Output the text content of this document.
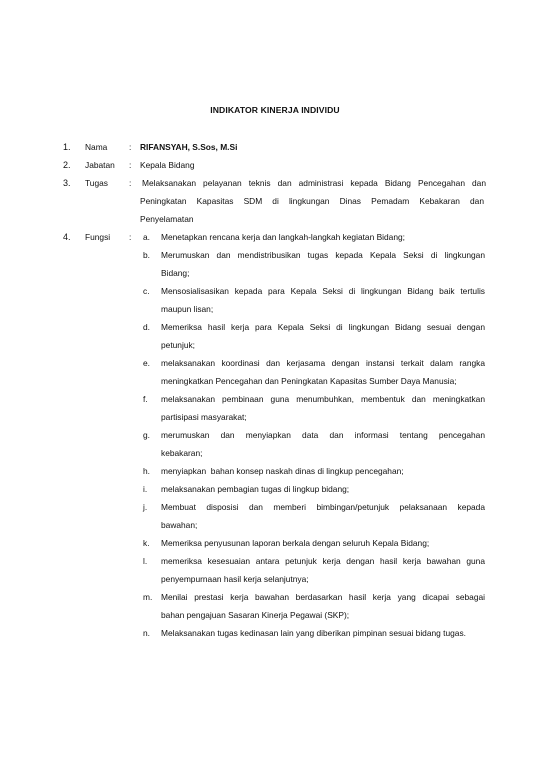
INDIKATOR KINERJA INDIVIDU
1. Nama	: RIFANSYAH, S.Sos, M.Si
2. Jabatan : Kepala Bidang
3. Tugas	: Melaksanakan pelayanan teknis dan administrasi kepada Bidang Pencegahan dan
Peningkatan Kapasitas SDM di lingkungan Dinas Pemadam Kebakaran dan
Penyelamatan
4. Fungsi : a. Menetapkan rencana kerja dan langkah-langkah kegiatan Bidang;
b. Merumuskan dan mendistribusikan tugas kepada Kepala Seksi di lingkungan
Bidang;
c. Mensosialisasikan kepada para Kepala Seksi di lingkungan Bidang baik tertulis
maupun lisan;
d. Memeriksa hasil kerja para Kepala Seksi di lingkungan Bidang sesuai dengan
petunjuk;
e. melaksanakan koordinasi dan kerjasama dengan instansi terkait dalam rangka
meningkatkan Pencegahan dan Peningkatan Kapasitas Sumber Daya Manusia;
f. melaksanakan pembinaan guna menumbuhkan, membentuk dan meningkatkan
partisipasi masyarakat;
g. merumuskan dan menyiapkan data dan informasi tentang pencegahan
kebakaran;
h. menyiapkan  bahan konsep naskah dinas di lingkup pencegahan;
i. melaksanakan pembagian tugas di lingkup bidang;
j. Membuat disposisi dan memberi bimbingan/petunjuk pelaksanaan kepada
bawahan;
k. Memeriksa penyusunan laporan berkala dengan seluruh Kepala Bidang;
l. memeriksa kesesuaian antara petunjuk kerja dengan hasil kerja bawahan guna
penyempurnaan hasil kerja selanjutnya;
m. Menilai prestasi kerja bawahan berdasarkan hasil kerja yang dicapai sebagai
bahan pengajuan Sasaran Kinerja Pegawai (SKP);
n. Melaksanakan tugas kedinasan lain yang diberikan pimpinan sesuai bidang tugas.
